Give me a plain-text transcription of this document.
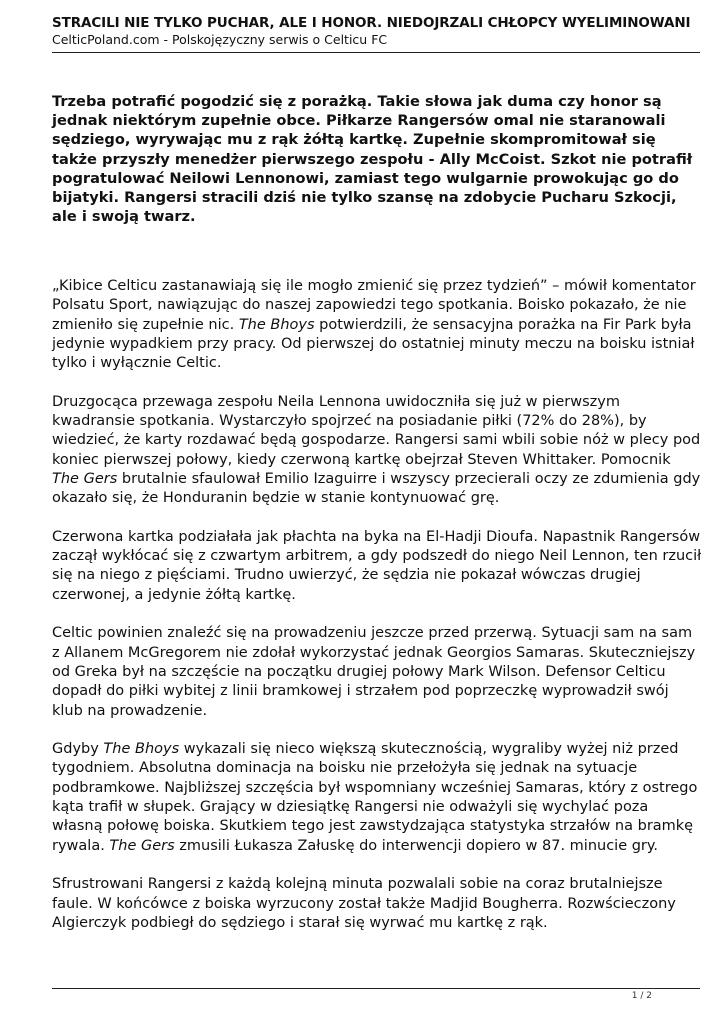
STRACILI NIE TYLKO PUCHAR, ALE I HONOR. NIEDOJRZALI CHŁOPCY WYELIMINOWANI
CelticPoland.com - Polskojęzyczny serwis o Celticu FC

Trzeba potrafić pogodzić się z porażką. Takie słowa jak duma czy honor są jednak niektórym zupełnie obce. Piłkarze Rangersów omal nie staranowali sędziego, wyrywając mu z rąk żółtą kartkę. Zupełnie skompromitował się także przyszły menedżer pierwszego zespołu - Ally McCoist. Szkot nie potrafił pogratulować Neilowi Lennonowi, zamiast tego wulgarnie prowokując go do bijatyki. Rangersi stracili dziś nie tylko szansę na zdobycie Pucharu Szkocji, ale i swoją twarz.

„Kibice Celticu zastanawiają się ile mogło zmienić się przez tydzień” – mówił komentator Polsatu Sport, nawiązując do naszej zapowiedzi tego spotkania. Boisko pokazało, że nie zmieniło się zupełnie nic. The Bhoys potwierdzili, że sensacyjna porażka na Fir Park była jedynie wypadkiem przy pracy. Od pierwszej do ostatniej minuty meczu na boisku istniał tylko i wyłącznie Celtic.

Druzgocąca przewaga zespołu Neila Lennona uwidoczniła się już w pierwszym kwadransie spotkania. Wystarczyło spojrzeć na posiadanie piłki (72% do 28%), by wiedzieć, że karty rozdawać będą gospodarze. Rangersi sami wbili sobie nóż w plecy pod koniec pierwszej połowy, kiedy czerwoną kartkę obejrzał Steven Whittaker. Pomocnik The Gers brutalnie sfaulował Emilio Izaguirre i wszyscy przecierali oczy ze zdumienia gdy okazało się, że Honduranin będzie w stanie kontynuować grę.

Czerwona kartka podziałała jak płachta na byka na El-Hadji Dioufa. Napastnik Rangersów zaczął wykłócać się z czwartym arbitrem, a gdy podszedł do niego Neil Lennon, ten rzucił się na niego z pięściami. Trudno uwierzyć, że sędzia nie pokazał wówczas drugiej czerwonej, a jedynie żółtą kartkę.

Celtic powinien znaleźć się na prowadzeniu jeszcze przed przerwą. Sytuacji sam na sam z Allanem McGregorem nie zdołał wykorzystać jednak Georgios Samaras. Skuteczniejszy od Greka był na szczęście na początku drugiej połowy Mark Wilson. Defensor Celticu dopadł do piłki wybitej z linii bramkowej i strzałem pod poprzeczkę wyprowadził swój klub na prowadzenie.

Gdyby The Bhoys wykazali się nieco większą skutecznością, wygraliby wyżej niż przed tygodniem. Absolutna dominacja na boisku nie przełożyła się jednak na sytuacje podbramkowe. Najbliższej szczęścia był wspomniany wcześniej Samaras, który z ostrego kąta trafił w słupek. Grający w dziesiątkę Rangersi nie odważyli się wychylać poza własną połowę boiska. Skutkiem tego jest zawstydzająca statystyka strzałów na bramkę rywala. The Gers zmusili Łukasza Załuskę do interwencji dopiero w 87. minucie gry.

Sfrustrowani Rangersi z każdą kolejną minuta pozwalali sobie na coraz brutalniejsze faule. W końcówce z boiska wyrzucony został także Madjid Bougherra. Rozwścieczony Algierczyk podbiegł do sędziego i starał się wyrwać mu kartkę z rąk.

1 / 2
